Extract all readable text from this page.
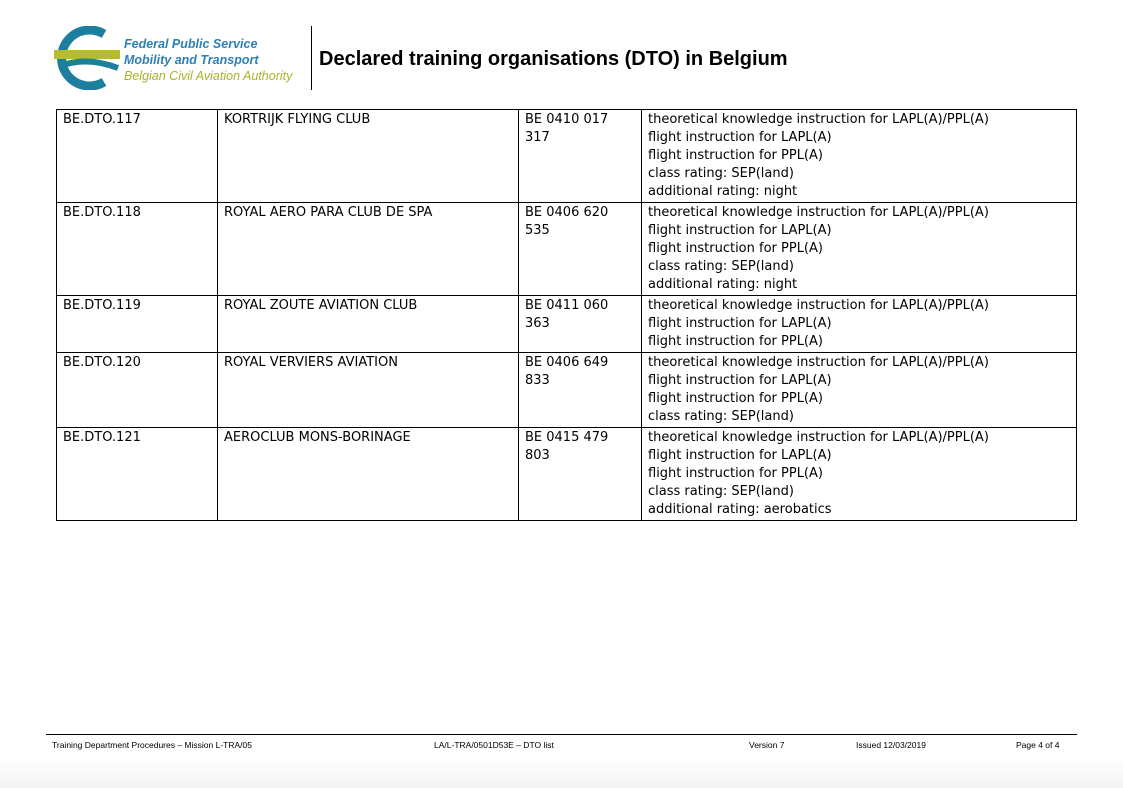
Federal Public Service
Mobility and Transport
Belgian Civil Aviation Authority
Declared training organisations (DTO) in Belgium
BE.DTO.117	KORTRIJK FLYING CLUB	BE 0410 017 317	theoretical knowledge instruction for LAPL(A)/PPL(A)
flight instruction for LAPL(A)
flight instruction for PPL(A)
class rating: SEP(land)
additional rating: night

BE.DTO.118	ROYAL AERO PARA CLUB DE SPA	BE 0406 620 535	theoretical knowledge instruction for LAPL(A)/PPL(A)
flight instruction for LAPL(A)
flight instruction for PPL(A)
class rating: SEP(land)
additional rating: night

BE.DTO.119	ROYAL ZOUTE AVIATION CLUB	BE 0411 060 363	theoretical knowledge instruction for LAPL(A)/PPL(A)
flight instruction for LAPL(A)
flight instruction for PPL(A)

BE.DTO.120	ROYAL VERVIERS AVIATION	BE 0406 649 833	theoretical knowledge instruction for LAPL(A)/PPL(A)
flight instruction for LAPL(A)
flight instruction for PPL(A)
class rating: SEP(land)

BE.DTO.121	AEROCLUB MONS-BORINAGE	BE 0415 479 803	theoretical knowledge instruction for LAPL(A)/PPL(A)
flight instruction for LAPL(A)
flight instruction for PPL(A)
class rating: SEP(land)
additional rating: aerobatics
Training Department Procedures – Mission L-TRA/05	LA/L-TRA/0501D53E – DTO list	Version 7	Issued 12/03/2019	Page 4 of 4
